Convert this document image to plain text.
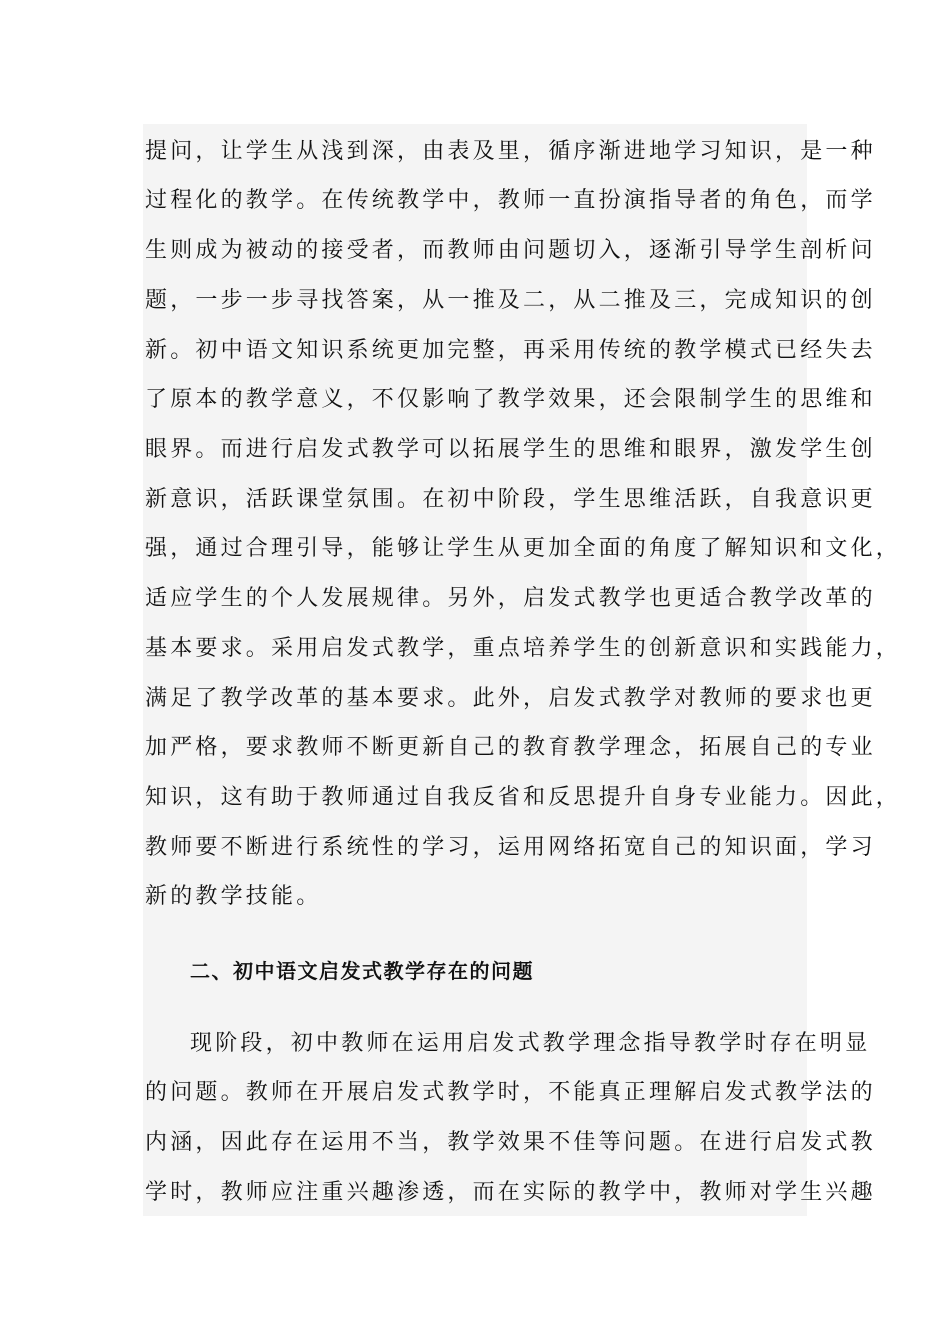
提问，让学生从浅到深，由表及里，循序渐进地学习知识，是一种
过程化的教学。在传统教学中，教师一直扮演指导者的角色，而学
生则成为被动的接受者，而教师由问题切入，逐渐引导学生剖析问
题，一步一步寻找答案，从一推及二，从二推及三，完成知识的创
新。初中语文知识系统更加完整，再采用传统的教学模式已经失去
了原本的教学意义，不仅影响了教学效果，还会限制学生的思维和
眼界。而进行启发式教学可以拓展学生的思维和眼界，激发学生创
新意识，活跃课堂氛围。在初中阶段，学生思维活跃，自我意识更
强，通过合理引导，能够让学生从更加全面的角度了解知识和文化，
适应学生的个人发展规律。另外，启发式教学也更适合教学改革的
基本要求。采用启发式教学，重点培养学生的创新意识和实践能力，
满足了教学改革的基本要求。此外，启发式教学对教师的要求也更
加严格，要求教师不断更新自己的教育教学理念，拓展自己的专业
知识，这有助于教师通过自我反省和反思提升自身专业能力。因此，
教师要不断进行系统性的学习，运用网络拓宽自己的知识面，学习
新的教学技能。
二、初中语文启发式教学存在的问题
现阶段，初中教师在运用启发式教学理念指导教学时存在明显
的问题。教师在开展启发式教学时，不能真正理解启发式教学法的
内涵，因此存在运用不当，教学效果不佳等问题。在进行启发式教
学时，教师应注重兴趣渗透，而在实际的教学中，教师对学生兴趣
